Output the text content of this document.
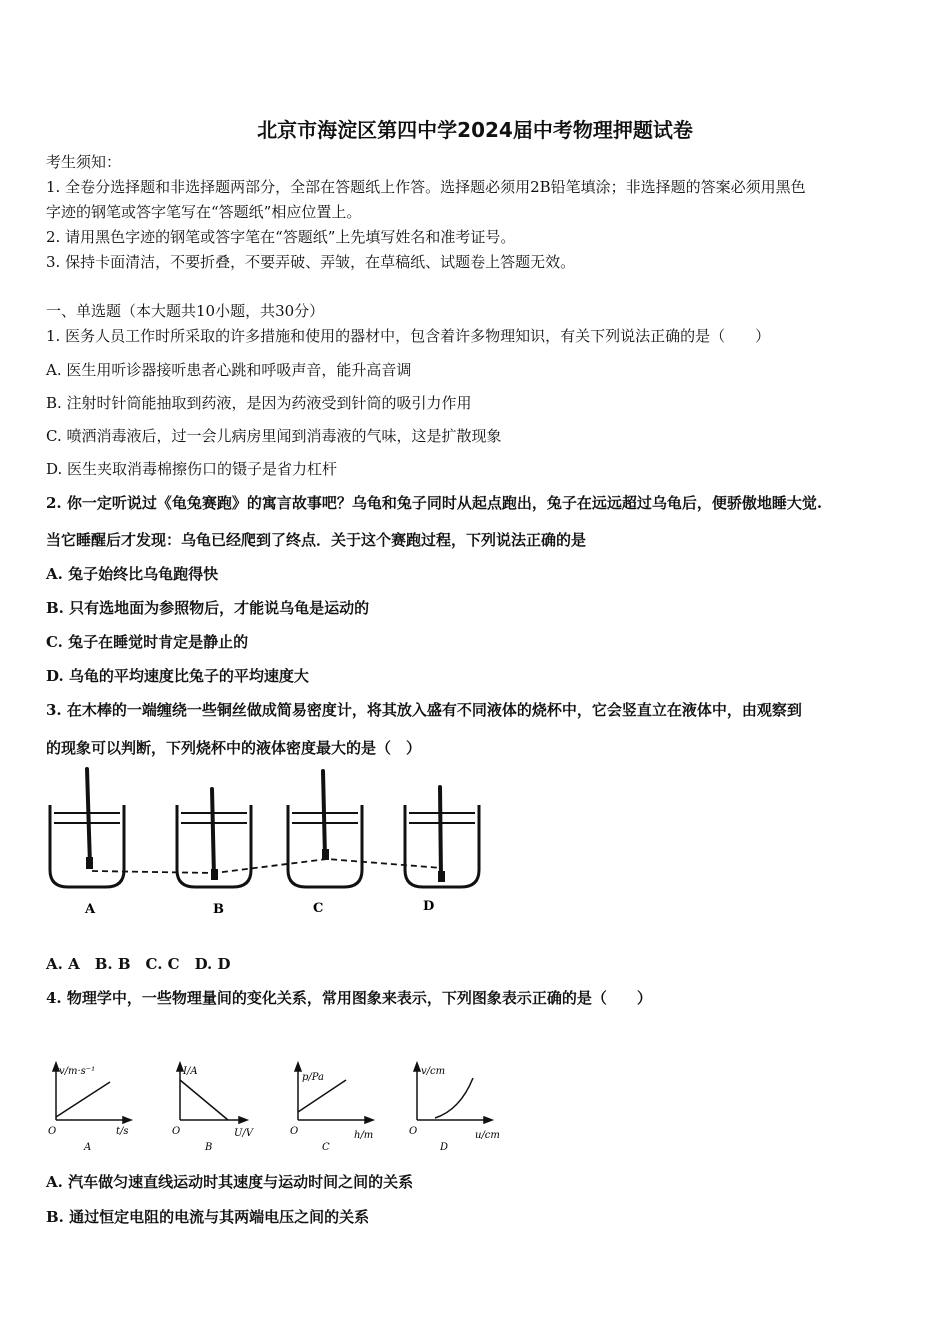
北京市海淀区第四中学2024届中考物理押题试卷
考生须知：
1. 全卷分选择题和非选择题两部分，全部在答题纸上作答。选择题必须用2B铅笔填涂；非选择题的答案必须用黑色
字迹的钢笔或答字笔写在“答题纸”相应位置上。
2. 请用黑色字迹的钢笔或答字笔在“答题纸”上先填写姓名和准考证号。
3. 保持卡面清洁，不要折叠，不要弄破、弄皱，在草稿纸、试题卷上答题无效。
一、单选题（本大题共10小题，共30分）
1. 医务人员工作时所采取的许多措施和使用的器材中，包含着许多物理知识，有关下列说法正确的是（　　）
A. 医生用听诊器接听患者心跳和呼吸声音，能升高音调
B. 注射时针筒能抽取到药液，是因为药液受到针筒的吸引力作用
C. 喷洒消毒液后，过一会儿病房里闻到消毒液的气味，这是扩散现象
D. 医生夹取消毒棉擦伤口的镊子是省力杠杆
2. 你一定听说过《龟兔赛跑》的寓言故事吧？乌龟和兔子同时从起点跑出，兔子在远远超过乌龟后，便骄傲地睡大觉.
当它睡醒后才发现：乌龟已经爬到了终点．关于这个赛跑过程，下列说法正确的是
A. 兔子始终比乌龟跑得快
B. 只有选地面为参照物后，才能说乌龟是运动的
C. 兔子在睡觉时肯定是静止的
D. 乌龟的平均速度比兔子的平均速度大
3. 在木棒的一端缠绕一些铜丝做成简易密度计，将其放入盛有不同液体的烧杯中，它会竖直立在液体中，由观察到
的现象可以判断，下列烧杯中的液体密度最大的是（　）
A	B	C	D
A. A　B. B　C. C　D. D
4. 物理学中，一些物理量间的变化关系，常用图象来表示，下列图象表示正确的是（　　）
v/m·s⁻¹
O	t/s
A
I/A
O	U/V
B
p/Pa
O	h/m
C
v/cm
O	u/cm
D
A. 汽车做匀速直线运动时其速度与运动时间之间的关系
B. 通过恒定电阻的电流与其两端电压之间的关系
